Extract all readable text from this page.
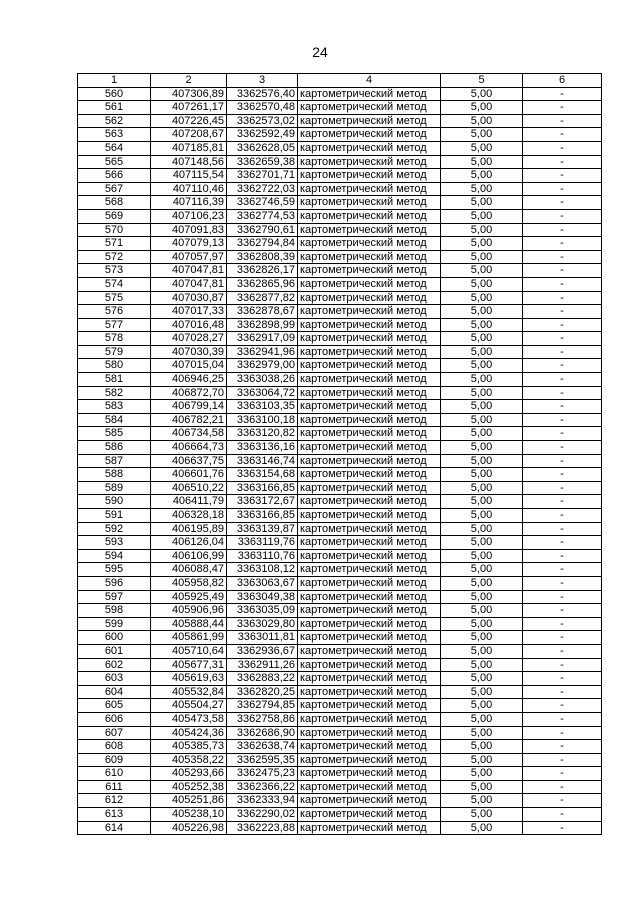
24
1	2	3	4	5	6
560	407306,89	3362576,40	картометрический метод	5,00	-
561	407261,17	3362570,48	картометрический метод	5,00	-
562	407226,45	3362573,02	картометрический метод	5,00	-
563	407208,67	3362592,49	картометрический метод	5,00	-
564	407185,81	3362628,05	картометрический метод	5,00	-
565	407148,56	3362659,38	картометрический метод	5,00	-
566	407115,54	3362701,71	картометрический метод	5,00	-
567	407110,46	3362722,03	картометрический метод	5,00	-
568	407116,39	3362746,59	картометрический метод	5,00	-
569	407106,23	3362774,53	картометрический метод	5,00	-
570	407091,83	3362790,61	картометрический метод	5,00	-
571	407079,13	3362794,84	картометрический метод	5,00	-
572	407057,97	3362808,39	картометрический метод	5,00	-
573	407047,81	3362826,17	картометрический метод	5,00	-
574	407047,81	3362865,96	картометрический метод	5,00	-
575	407030,87	3362877,82	картометрический метод	5,00	-
576	407017,33	3362878,67	картометрический метод	5,00	-
577	407016,48	3362898,99	картометрический метод	5,00	-
578	407028,27	3362917,09	картометрический метод	5,00	-
579	407030,39	3362941,96	картометрический метод	5,00	-
580	407015,04	3362979,00	картометрический метод	5,00	-
581	406946,25	3363038,26	картометрический метод	5,00	-
582	406872,70	3363064,72	картометрический метод	5,00	-
583	406799,14	3363103,35	картометрический метод	5,00	-
584	406782,21	3363100,18	картометрический метод	5,00	-
585	406734,58	3363120,82	картометрический метод	5,00	-
586	406664,73	3363136,16	картометрический метод	5,00	-
587	406637,75	3363146,74	картометрический метод	5,00	-
588	406601,76	3363154,68	картометрический метод	5,00	-
589	406510,22	3363166,85	картометрический метод	5,00	-
590	406411,79	3363172,67	картометрический метод	5,00	-
591	406328,18	3363166,85	картометрический метод	5,00	-
592	406195,89	3363139,87	картометрический метод	5,00	-
593	406126,04	3363119,76	картометрический метод	5,00	-
594	406106,99	3363110,76	картометрический метод	5,00	-
595	406088,47	3363108,12	картометрический метод	5,00	-
596	405958,82	3363063,67	картометрический метод	5,00	-
597	405925,49	3363049,38	картометрический метод	5,00	-
598	405906,96	3363035,09	картометрический метод	5,00	-
599	405888,44	3363029,80	картометрический метод	5,00	-
600	405861,99	3363011,81	картометрический метод	5,00	-
601	405710,64	3362936,67	картометрический метод	5,00	-
602	405677,31	3362911,26	картометрический метод	5,00	-
603	405619,63	3362883,22	картометрический метод	5,00	-
604	405532,84	3362820,25	картометрический метод	5,00	-
605	405504,27	3362794,85	картометрический метод	5,00	-
606	405473,58	3362758,86	картометрический метод	5,00	-
607	405424,36	3362686,90	картометрический метод	5,00	-
608	405385,73	3362638,74	картометрический метод	5,00	-
609	405358,22	3362595,35	картометрический метод	5,00	-
610	405293,66	3362475,23	картометрический метод	5,00	-
611	405252,38	3362366,22	картометрический метод	5,00	-
612	405251,86	3362333,94	картометрический метод	5,00	-
613	405238,10	3362290,02	картометрический метод	5,00	-
614	405226,98	3362223,88	картометрический метод	5,00	-
